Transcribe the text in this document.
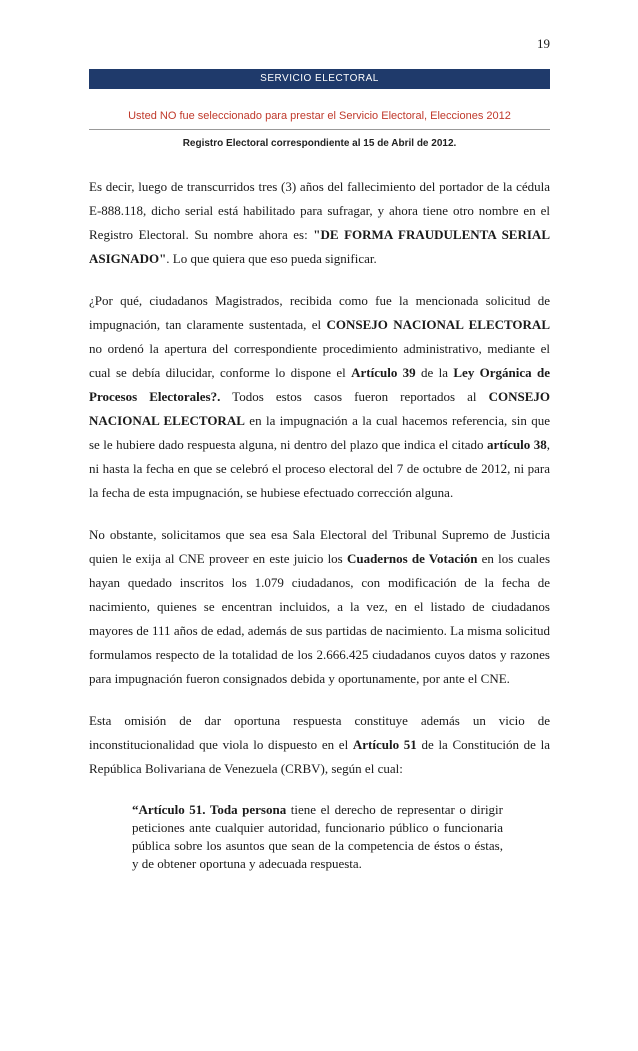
19
SERVICIO ELECTORAL
Usted NO fue seleccionado para prestar el Servicio Electoral, Elecciones 2012
Registro Electoral correspondiente al 15 de Abril de 2012.

Es decir, luego de transcurridos tres (3) años del fallecimiento del portador de la cédula E-888.118, dicho serial está habilitado para sufragar, y ahora tiene otro nombre en el Registro Electoral. Su nombre ahora es: "DE FORMA FRAUDULENTA SERIAL ASIGNADO". Lo que quiera que eso pueda significar.

¿Por qué, ciudadanos Magistrados, recibida como fue la mencionada solicitud de impugnación, tan claramente sustentada, el CONSEJO NACIONAL ELECTORAL no ordenó la apertura del correspondiente procedimiento administrativo, mediante el cual se debía dilucidar, conforme lo dispone el Artículo 39 de la Ley Orgánica de Procesos Electorales?. Todos estos casos fueron reportados al CONSEJO NACIONAL ELECTORAL en la impugnación a la cual hacemos referencia, sin que se le hubiere dado respuesta alguna, ni dentro del plazo que indica el citado artículo 38, ni hasta la fecha en que se celebró el proceso electoral del 7 de octubre de 2012, ni para la fecha de esta impugnación, se hubiese efectuado corrección alguna.

No obstante, solicitamos que sea esa Sala Electoral del Tribunal Supremo de Justicia quien le exija al CNE proveer en este juicio los Cuadernos de Votación en los cuales hayan quedado inscritos los 1.079 ciudadanos, con modificación de la fecha de nacimiento, quienes se encentran incluidos, a la vez, en el listado de ciudadanos mayores de 111 años de edad, además de sus partidas de nacimiento. La misma solicitud formulamos respecto de la totalidad de los 2.666.425 ciudadanos cuyos datos y razones para impugnación fueron consignados debida y oportunamente, por ante el CNE.

Esta omisión de dar oportuna respuesta constituye además un vicio de inconstitucionalidad que viola lo dispuesto en el Artículo 51 de la Constitución de la República Bolivariana de Venezuela (CRBV), según el cual:

“Artículo 51. Toda persona tiene el derecho de representar o dirigir peticiones ante cualquier autoridad, funcionario público o funcionaria pública sobre los asuntos que sean de la competencia de éstos o éstas, y de obtener oportuna y adecuada respuesta.
